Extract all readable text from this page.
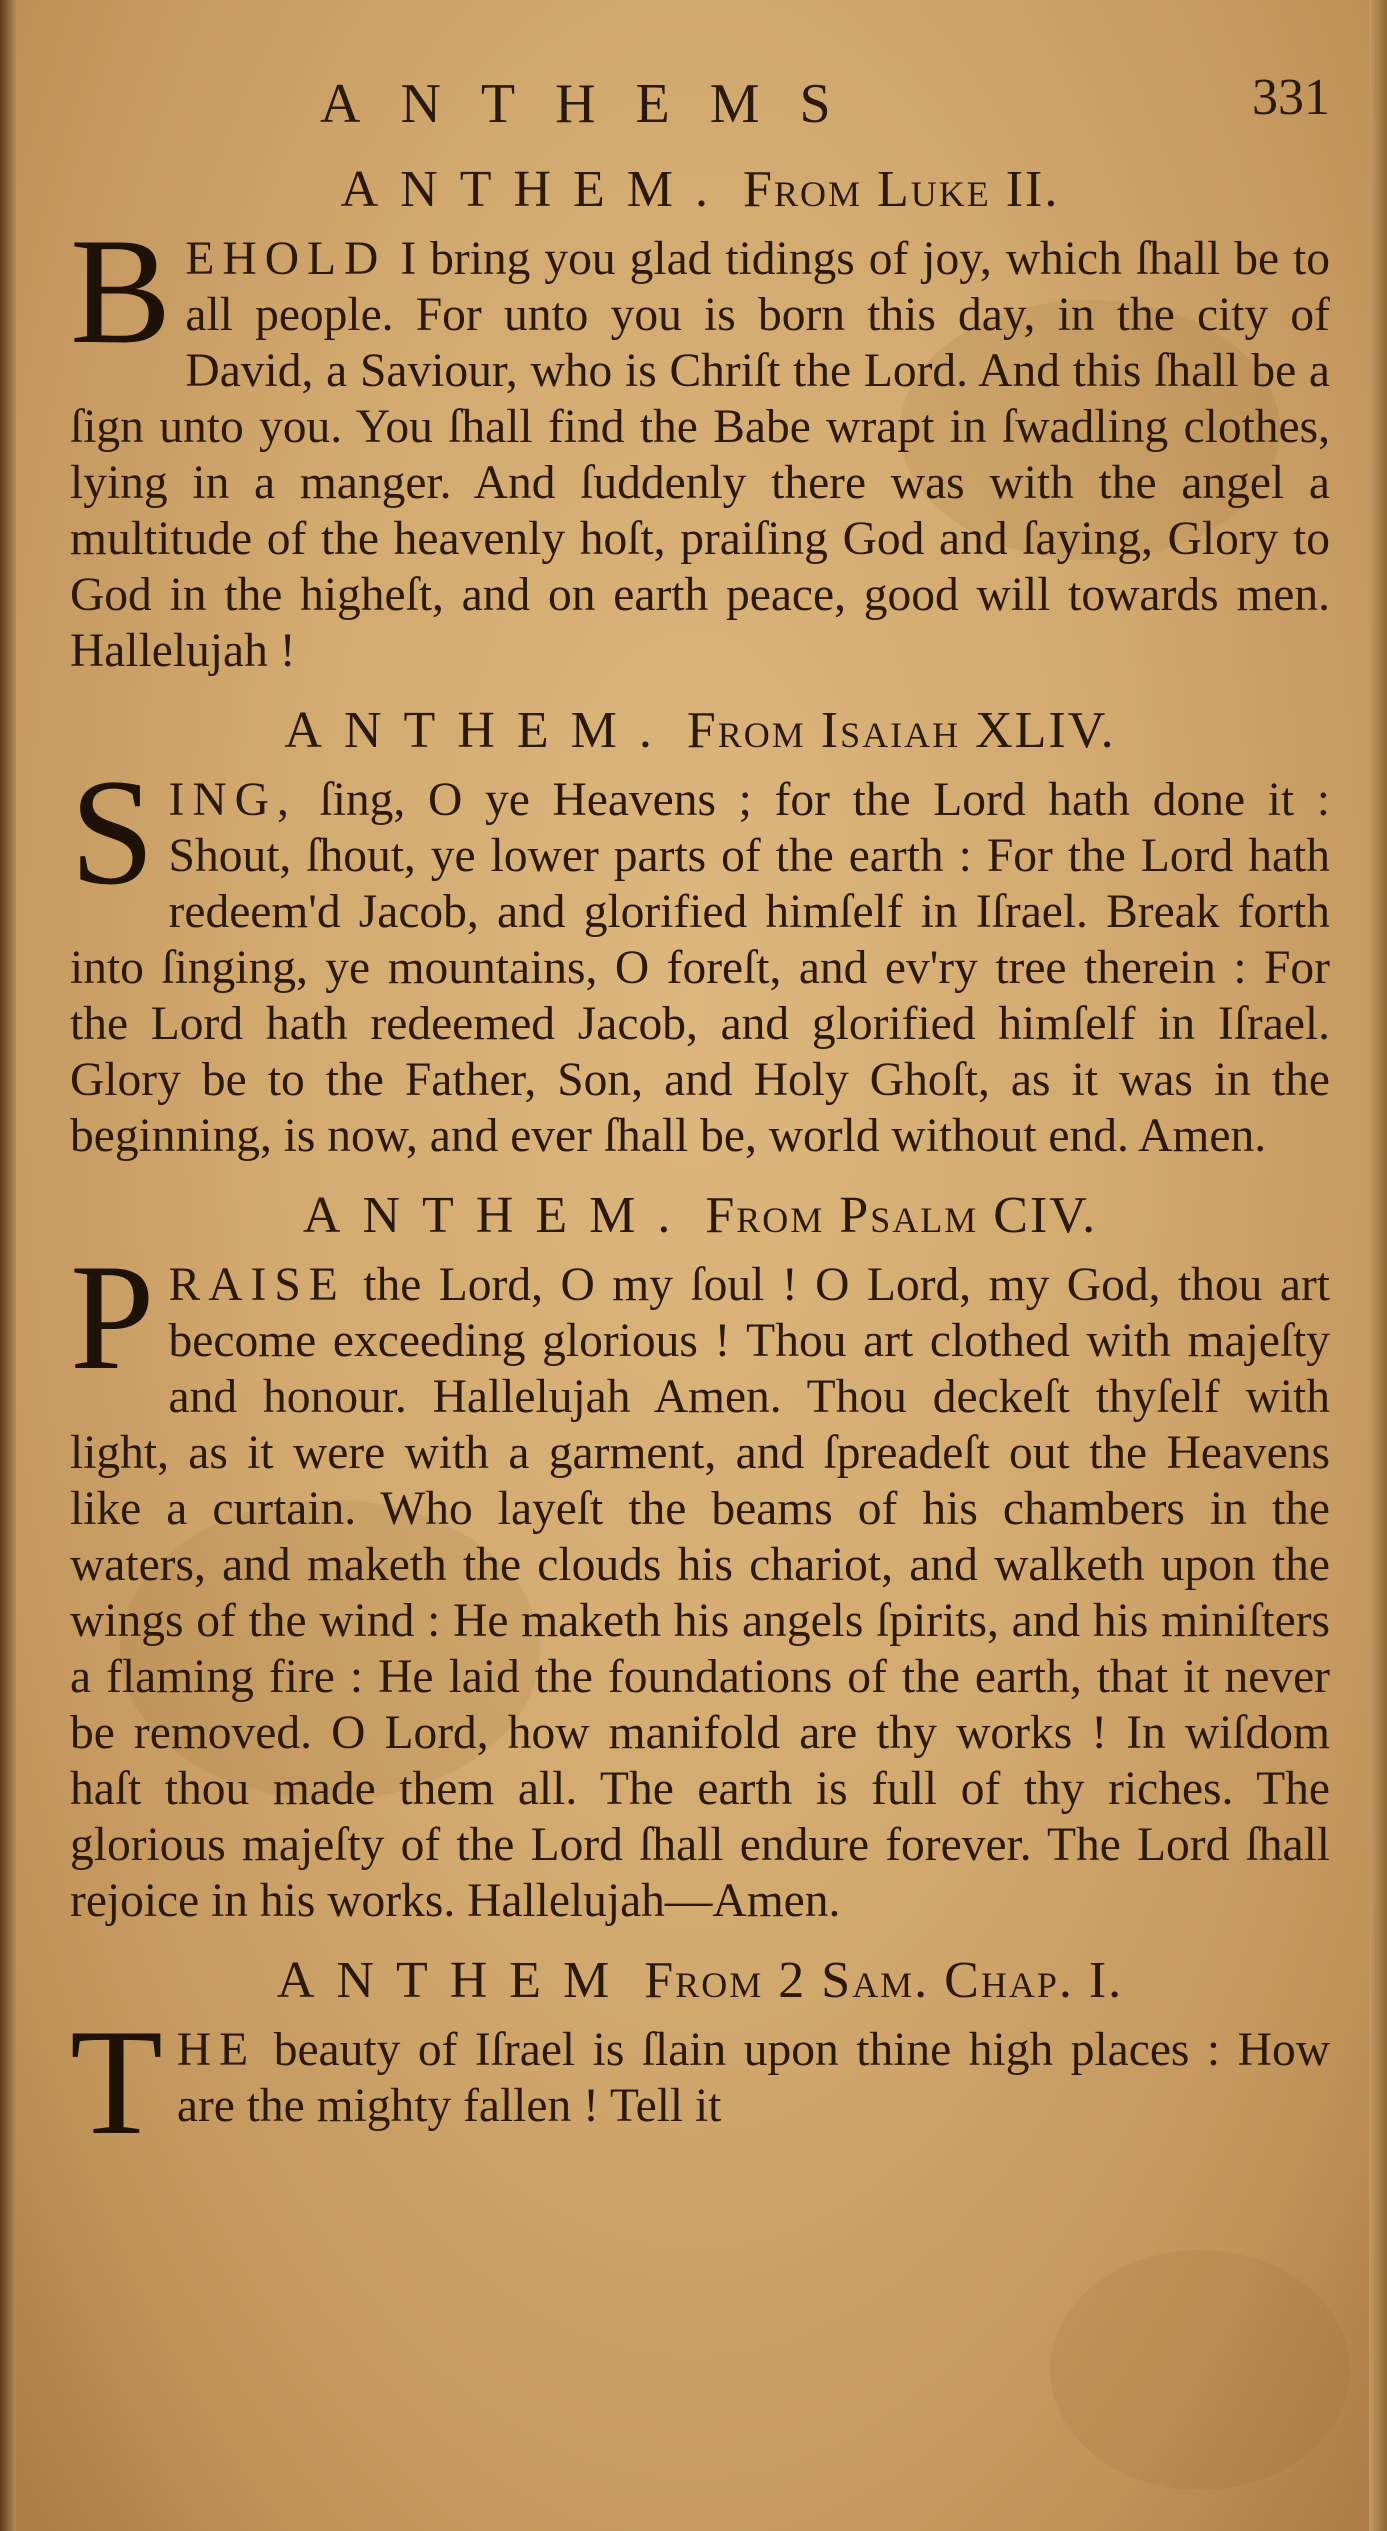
ANTHEMS	331
ANTHEM. From Luke II.

BEHOLD I bring you glad tidings of joy, which ſhall be to all people. For unto you is born this day, in the city of David, a Saviour, who is Chriſt the Lord. And this ſhall be a ſign unto you. You ſhall find the Babe wrapt in ſwadling clothes, lying in a manger. And ſuddenly there was with the angel a multitude of the heavenly hoſt, praiſing God and ſaying, Glory to God in the higheſt, and on earth peace, good will towards men. Hallelujah !

ANTHEM. From Isaiah XLIV.

SING, ſing, O ye Heavens ; for the Lord hath done it : Shout, ſhout, ye lower parts of the earth : For the Lord hath redeem'd Jacob, and glorified himſelf in Iſrael. Break forth into ſinging, ye mountains, O foreſt, and ev'ry tree therein : For the Lord hath redeemed Jacob, and glorified himſelf in Iſrael. Glory be to the Father, Son, and Holy Ghoſt, as it was in the beginning, is now, and ever ſhall be, world without end. Amen.

ANTHEM. From Psalm CIV.

PRAISE the Lord, O my ſoul ! O Lord, my God, thou art become exceeding glorious ! Thou art clothed with majeſty and honour. Hallelujah Amen. Thou deckeſt thyſelf with light, as it were with a garment, and ſpreadeſt out the Heavens like a curtain. Who layeſt the beams of his chambers in the waters, and maketh the clouds his chariot, and walketh upon the wings of the wind : He maketh his angels ſpirits, and his miniſters a flaming fire : He laid the foundations of the earth, that it never be removed. O Lord, how manifold are thy works ! In wiſdom haſt thou made them all. The earth is full of thy riches. The glorious majeſty of the Lord ſhall endure forever. The Lord ſhall rejoice in his works. Hallelujah—Amen.

ANTHEM From 2 Sam. Chap. I.

THE beauty of Iſrael is ſlain upon thine high places : How are the mighty fallen ! Tell it
